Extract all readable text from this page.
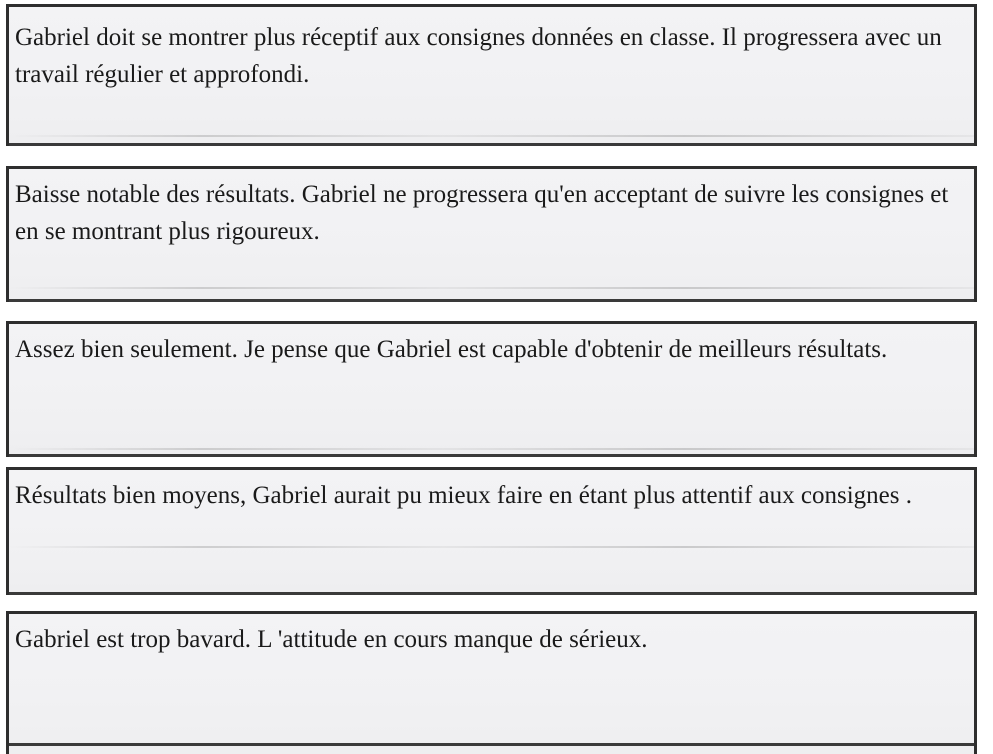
Gabriel doit se montrer plus réceptif aux consignes données en classe. Il progressera avec un travail régulier et approfondi.

Baisse notable des résultats. Gabriel ne progressera qu'en acceptant de suivre les consignes et en se montrant plus rigoureux.

Assez bien seulement. Je pense que Gabriel est capable d'obtenir de meilleurs résultats.

Résultats bien moyens, Gabriel aurait pu mieux faire en étant plus attentif aux consignes .

Gabriel est trop bavard. L 'attitude en cours manque de sérieux.
